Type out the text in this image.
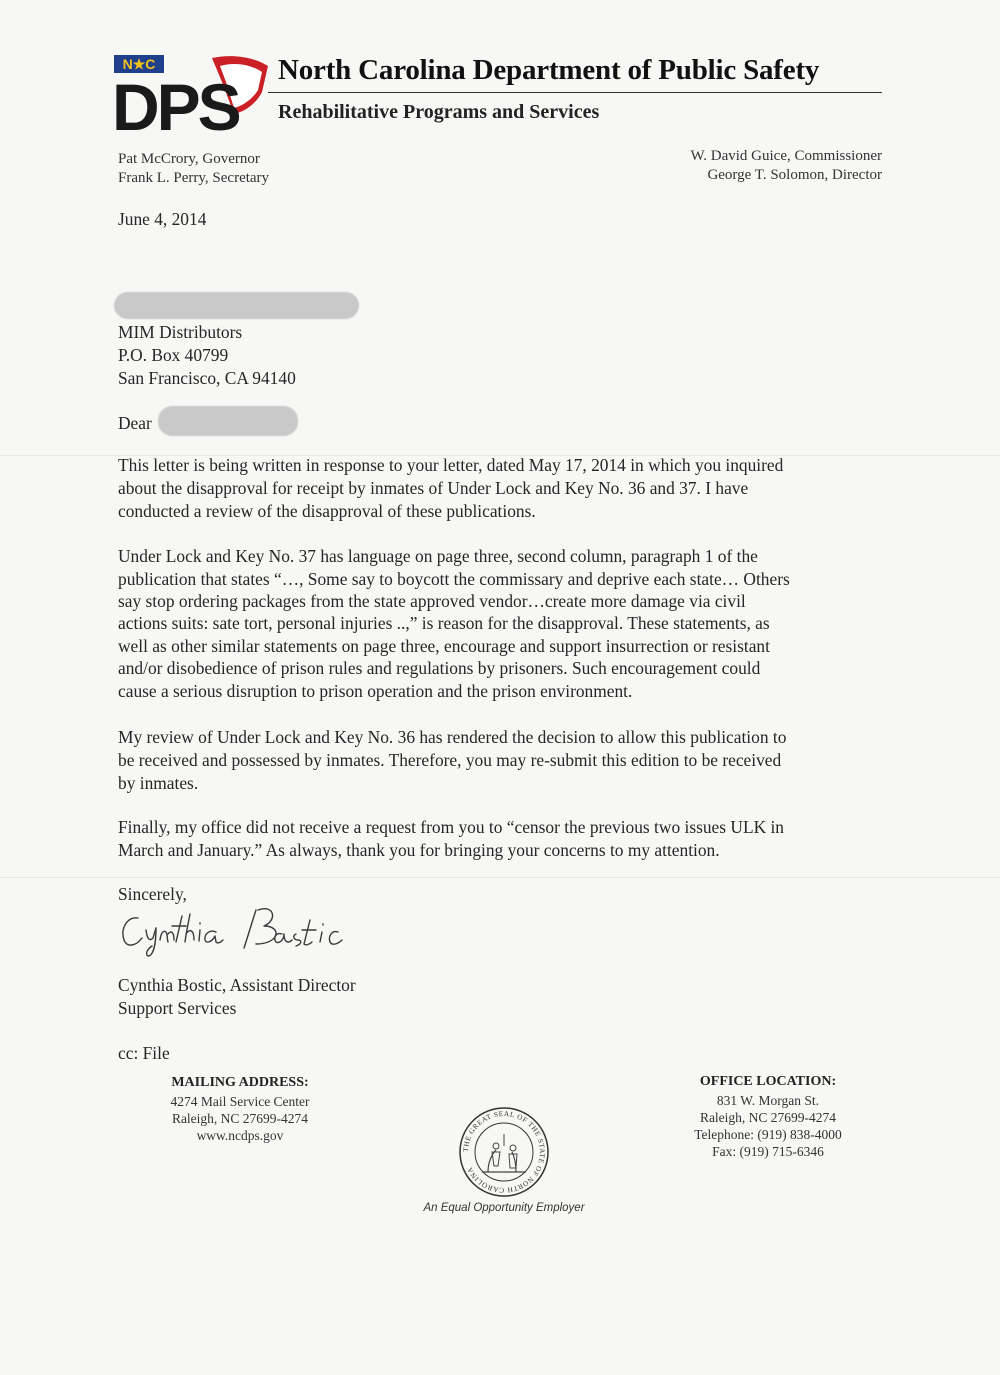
N★C
DPS North Carolina Department of Public Safety
Rehabilitative Programs and Services
Pat McCrory, Governor
Frank L. Perry, Secretary
W. David Guice, Commissioner
George T. Solomon, Director
June 4, 2014
MIM Distributors
P.O. Box 40799
San Francisco, CA 94140
Dear
This letter is being written in response to your letter, dated May 17, 2014 in which you inquired
about the disapproval for receipt by inmates of Under Lock and Key No. 36 and 37. I have
conducted a review of the disapproval of these publications.
Under Lock and Key No. 37 has language on page three, second column, paragraph 1 of the
publication that states “…, Some say to boycott the commissary and deprive each state… Others
say stop ordering packages from the state approved vendor…create more damage via civil
actions suits: sate tort, personal injuries ..,” is reason for the disapproval. These statements, as
well as other similar statements on page three, encourage and support insurrection or resistant
and/or disobedience of prison rules and regulations by prisoners. Such encouragement could
cause a serious disruption to prison operation and the prison environment.
My review of Under Lock and Key No. 36 has rendered the decision to allow this publication to
be received and possessed by inmates. Therefore, you may re-submit this edition to be received
by inmates.
Finally, my office did not receive a request from you to “censor the previous two issues ULK in
March and January.” As always, thank you for bringing your concerns to my attention.
Sincerely,
Cynthia Bostic, Assistant Director
Support Services
cc: File
MAILING ADDRESS:
4274 Mail Service Center
Raleigh, NC 27699-4274
www.ncdps.gov
THE GREAT SEAL OF THE STATE OF NORTH CAROLINA
OFFICE LOCATION:
831 W. Morgan St.
Raleigh, NC 27699-4274
Telephone: (919) 838-4000
Fax: (919) 715-6346
An Equal Opportunity Employer
